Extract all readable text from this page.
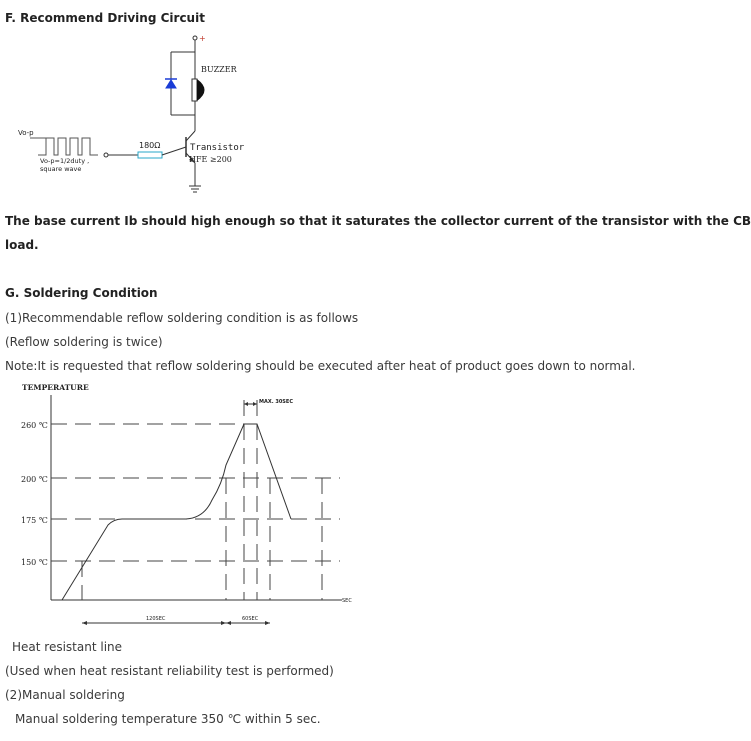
F. Recommend Driving Circuit
+
BUZZER
Transistor
HFE ≥200
180Ω
Vo-p
Vo-p=1/2duty ,
square wave
The base current Ib should high enough so that it saturates the collector current of the transistor with the CB
load.
G. Soldering Condition
(1)Recommendable reflow soldering condition is as follows
(Reflow soldering is twice)
Note:It is requested that reflow soldering should be executed after heat of product goes down to normal.
TEMPERATURE
SEC
260 ℃
200 ℃
175 ℃
150 ℃
MAX. 30SEC
120SEC	60SEC
Heat resistant line
(Used when heat resistant reliability test is performed)
(2)Manual soldering
Manual soldering temperature 350 ℃ within 5 sec.
